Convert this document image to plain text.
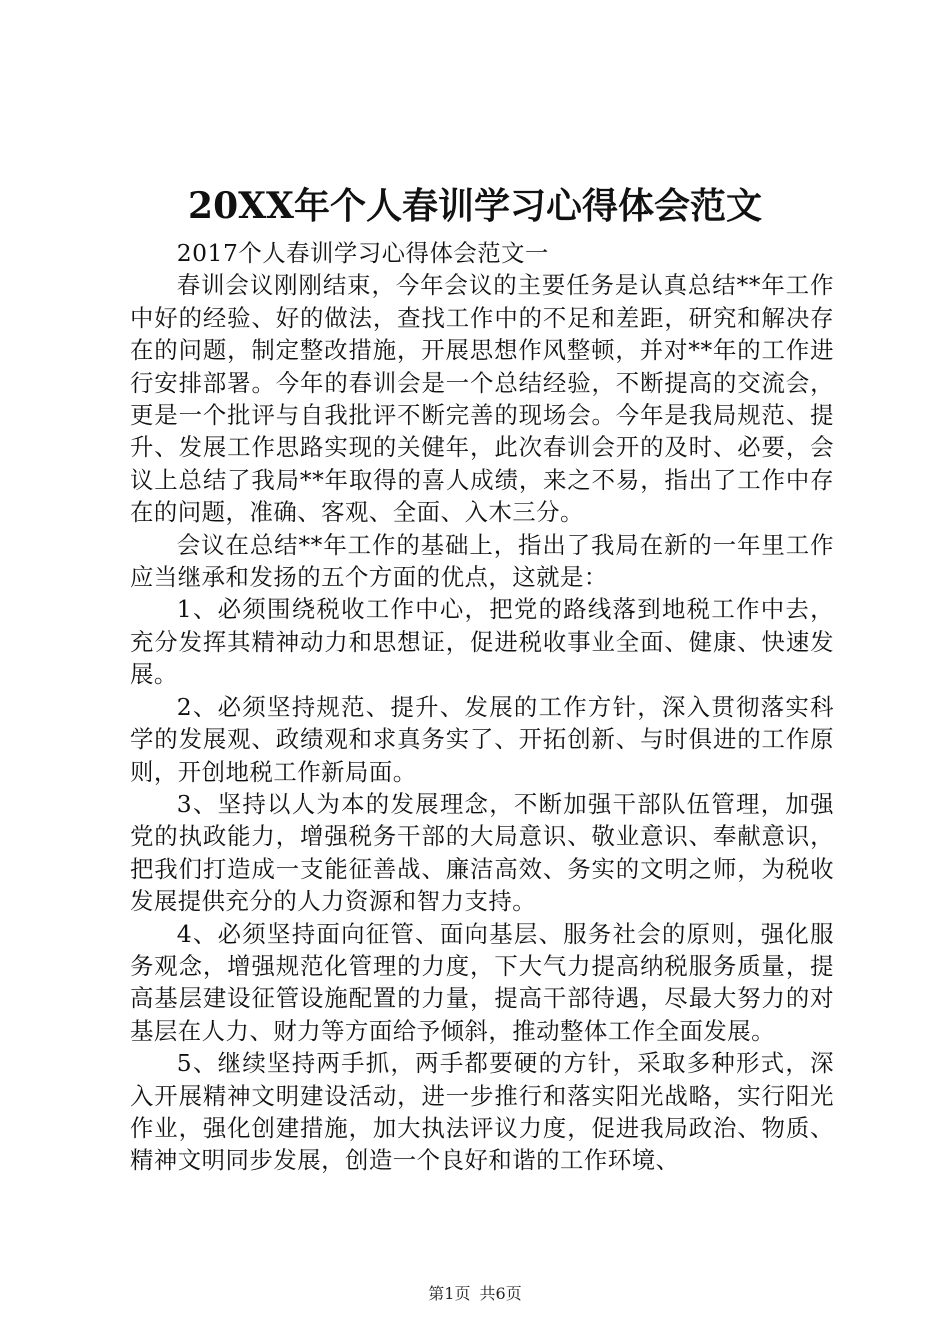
20XX年个人春训学习心得体会范文

2017个人春训学习心得体会范文一

春训会议刚刚结束，今年会议的主要任务是认真总结**年工作中好的经验、好的做法，查找工作中的不足和差距，研究和解决存在的问题，制定整改措施，开展思想作风整顿，并对**年的工作进行安排部署。今年的春训会是一个总结经验，不断提高的交流会，更是一个批评与自我批评不断完善的现场会。今年是我局规范、提升、发展工作思路实现的关健年，此次春训会开的及时、必要，会议上总结了我局**年取得的喜人成绩，来之不易，指出了工作中存在的问题，准确、客观、全面、入木三分。

会议在总结**年工作的基础上，指出了我局在新的一年里工作应当继承和发扬的五个方面的优点，这就是：

1、必须围绕税收工作中心，把党的路线落到地税工作中去，充分发挥其精神动力和思想证，促进税收事业全面、健康、快速发展。

2、必须坚持规范、提升、发展的工作方针，深入贯彻落实科学的发展观、政绩观和求真务实了、开拓创新、与时俱进的工作原则，开创地税工作新局面。

3、坚持以人为本的发展理念，不断加强干部队伍管理，加强党的执政能力，增强税务干部的大局意识、敬业意识、奉献意识，把我们打造成一支能征善战、廉洁高效、务实的文明之师，为税收发展提供充分的人力资源和智力支持。

4、必须坚持面向征管、面向基层、服务社会的原则，强化服务观念，增强规范化管理的力度，下大气力提高纳税服务质量，提高基层建设征管设施配置的力量，提高干部待遇，尽最大努力的对基层在人力、财力等方面给予倾斜，推动整体工作全面发展。

5、继续坚持两手抓，两手都要硬的方针，采取多种形式，深入开展精神文明建设活动，进一步推行和落实阳光战略，实行阳光作业，强化创建措施，加大执法评议力度，促进我局政治、物质、精神文明同步发展，创造一个良好和谐的工作环境、

第1页 共6页
